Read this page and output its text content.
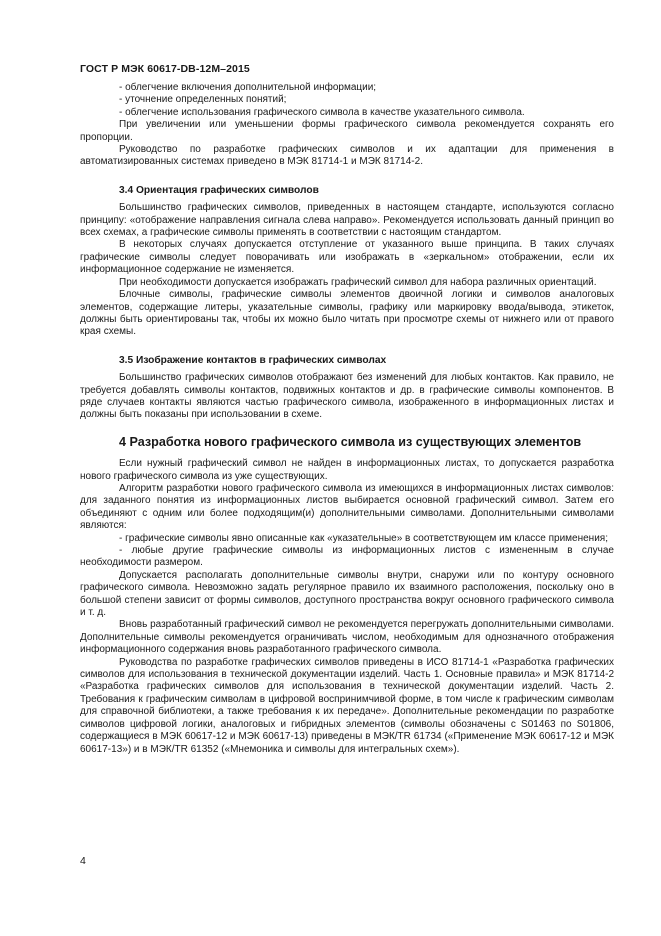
ГОСТ Р МЭК 60617-DB-12M–2015

- облегчение включения дополнительной информации;

- уточнение определенных понятий;

- облегчение использования графического символа в качестве указательного символа.

При увеличении или уменьшении формы графического символа рекомендуется сохранять его пропорции.

Руководство по разработке графических символов и их адаптации для применения в автоматизированных системах приведено в МЭК 81714-1 и МЭК 81714-2.

3.4 Ориентация графических символов

Большинство графических символов, приведенных в настоящем стандарте, используются согласно принципу: «отображение направления сигнала слева направо». Рекомендуется использовать данный принцип во всех схемах, а графические символы применять в соответствии с настоящим стандартом.

В некоторых случаях допускается отступление от указанного выше принципа. В таких случаях графические символы следует поворачивать или изображать в «зеркальном» отображении, если их информационное содержание не изменяется.

При необходимости допускается изображать графический символ для набора различных ориентаций.

Блочные символы, графические символы элементов двоичной логики и символов аналоговых элементов, содержащие литеры, указательные символы, графику или маркировку ввода/вывода, этикеток, должны быть ориентированы так, чтобы их можно было читать при просмотре схемы от нижнего или от правого края схемы.

3.5 Изображение контактов в графических символах

Большинство графических символов отображают без изменений для любых контактов. Как правило, не требуется добавлять символы контактов, подвижных контактов и др. в графические символы компонентов. В ряде случаев контакты являются частью графического символа, изображенного в информационных листах и должны быть показаны при использовании в схеме.

4 Разработка нового графического символа из существующих элементов

Если нужный графический символ не найден в информационных листах, то допускается разработка нового графического символа из уже существующих.

Алгоритм разработки нового графического символа из имеющихся в информационных листах символов: для заданного понятия из информационных листов выбирается основной графический символ. Затем его объединяют с одним или более подходящим(и) дополнительными символами. Дополнительными символами являются:

- графические символы явно описанные как «указательные» в соответствующем им классе применения;

- любые другие графические символы из информационных листов с измененным в случае необходимости размером.

Допускается располагать дополнительные символы внутри, снаружи или по контуру основного графического символа. Невозможно задать регулярное правило их взаимного расположения, поскольку оно в большой степени зависит от формы символов, доступного пространства вокруг основного графического символа и т. д.

Вновь разработанный графический символ не рекомендуется перегружать дополнительными символами. Дополнительные символы рекомендуется ограничивать числом, необходимым для однозначного отображения информационного содержания вновь разработанного графического символа.

Руководства по разработке графических символов приведены в ИСО 81714-1 «Разработка графических символов для использования в технической документации изделий. Часть 1. Основные правила» и МЭК 81714-2 «Разработка графических символов для использования в технической документации изделий. Часть 2. Требования к графическим символам в цифровой воспринимчивой форме, в том числе к графическим символам для справочной библиотеки, а также требования к их передаче». Дополнительные рекомендации по разработке символов цифровой логики, аналоговых и гибридных элементов (символы обозначены с S01463 по S01806, содержащиеся в МЭК 60617-12 и МЭК 60617-13) приведены в МЭК/TR 61734 («Применение МЭК 60617-12 и МЭК 60617-13») и в МЭК/TR 61352 («Мнемоника и символы для интегральных схем»).

4
